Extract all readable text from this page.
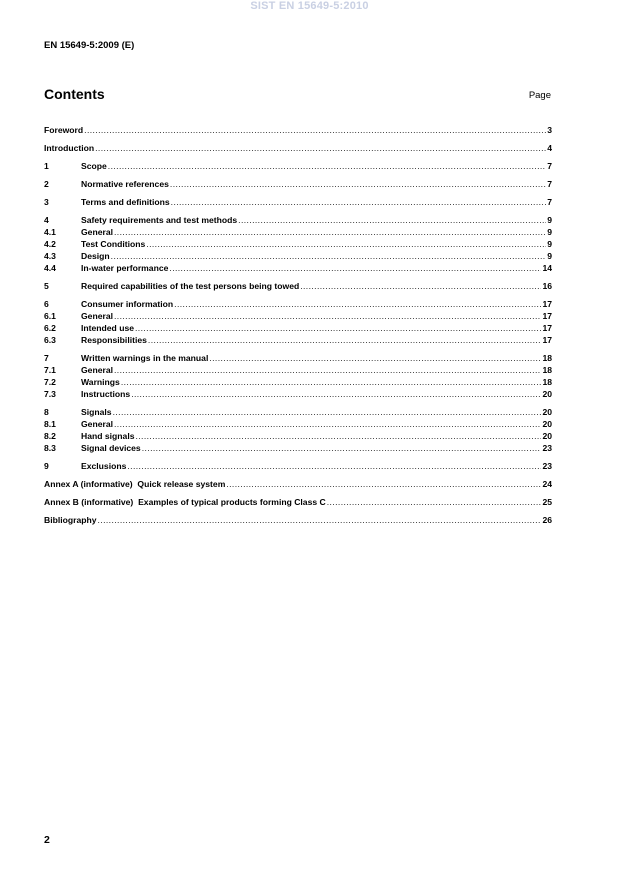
SIST EN 15649-5:2010
EN 15649-5:2009 (E)
Contents	Page
Foreword .....	3
Introduction .....	4
1	Scope .....	7
2	Normative references .....	7
3	Terms and definitions .....	7
4	Safety requirements and test methods .....	9
4.1	General .....	9
4.2	Test Conditions .....	9
4.3	Design .....	9
4.4	In-water performance .....	14
5	Required capabilities of the test persons being towed .....	16
6	Consumer information .....	17
6.1	General .....	17
6.2	Intended use .....	17
6.3	Responsibilities .....	17
7	Written warnings in the manual .....	18
7.1	General .....	18
7.2	Warnings .....	18
7.3	Instructions .....	20
8	Signals .....	20
8.1	General .....	20
8.2	Hand signals .....	20
8.3	Signal devices .....	23
9	Exclusions .....	23
Annex A (informative)  Quick release system .....	24
Annex B (informative)  Examples of typical products forming Class C .....	25
Bibliography .....	26
2
